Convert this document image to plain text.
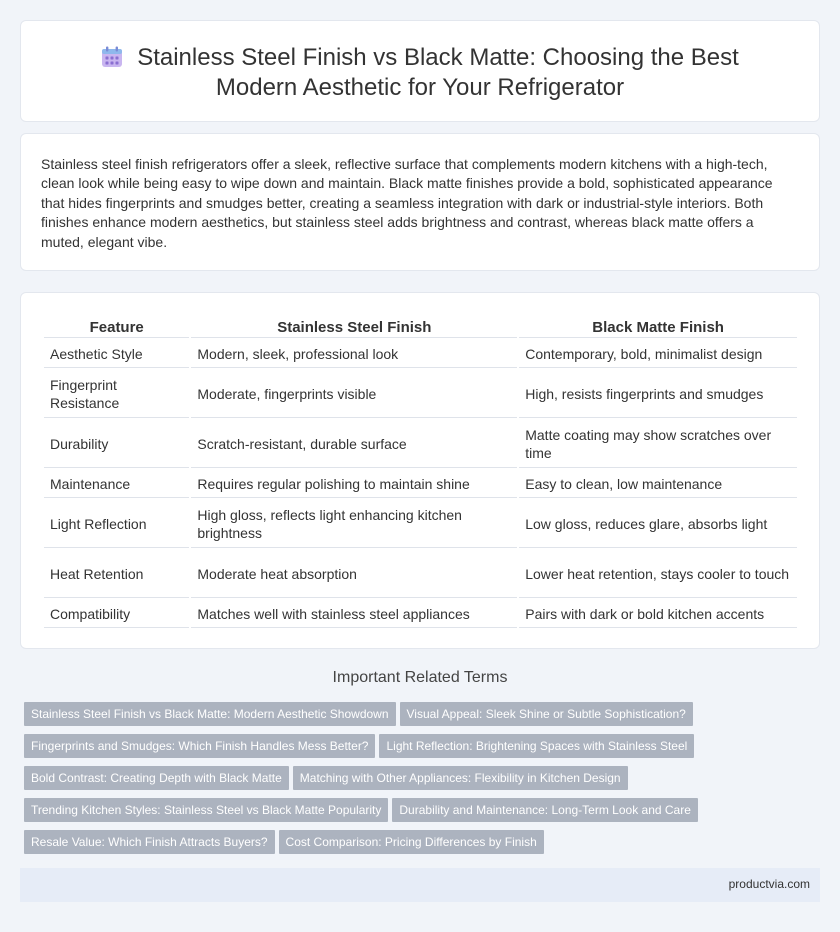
Stainless Steel Finish vs Black Matte: Choosing the Best Modern Aesthetic for Your Refrigerator

Stainless steel finish refrigerators offer a sleek, reflective surface that complements modern kitchens with a high-tech, clean look while being easy to wipe down and maintain. Black matte finishes provide a bold, sophisticated appearance that hides fingerprints and smudges better, creating a seamless integration with dark or industrial-style interiors. Both finishes enhance modern aesthetics, but stainless steel adds brightness and contrast, whereas black matte offers a muted, elegant vibe.

Feature	Stainless Steel Finish	Black Matte Finish
Aesthetic Style	Modern, sleek, professional look	Contemporary, bold, minimalist design
Fingerprint Resistance	Moderate, fingerprints visible	High, resists fingerprints and smudges
Durability	Scratch-resistant, durable surface	Matte coating may show scratches over time
Maintenance	Requires regular polishing to maintain shine	Easy to clean, low maintenance
Light Reflection	High gloss, reflects light enhancing kitchen brightness	Low gloss, reduces glare, absorbs light
Heat Retention	Moderate heat absorption	Lower heat retention, stays cooler to touch
Compatibility	Matches well with stainless steel appliances	Pairs with dark or bold kitchen accents
Important Related Terms
Stainless Steel Finish vs Black Matte: Modern Aesthetic Showdown Visual Appeal: Sleek Shine or Subtle Sophistication?
Fingerprints and Smudges: Which Finish Handles Mess Better? Light Reflection: Brightening Spaces with Stainless Steel
Bold Contrast: Creating Depth with Black Matte Matching with Other Appliances: Flexibility in Kitchen Design
Trending Kitchen Styles: Stainless Steel vs Black Matte Popularity Durability and Maintenance: Long-Term Look and Care
Resale Value: Which Finish Attracts Buyers? Cost Comparison: Pricing Differences by Finish
productvia.com
